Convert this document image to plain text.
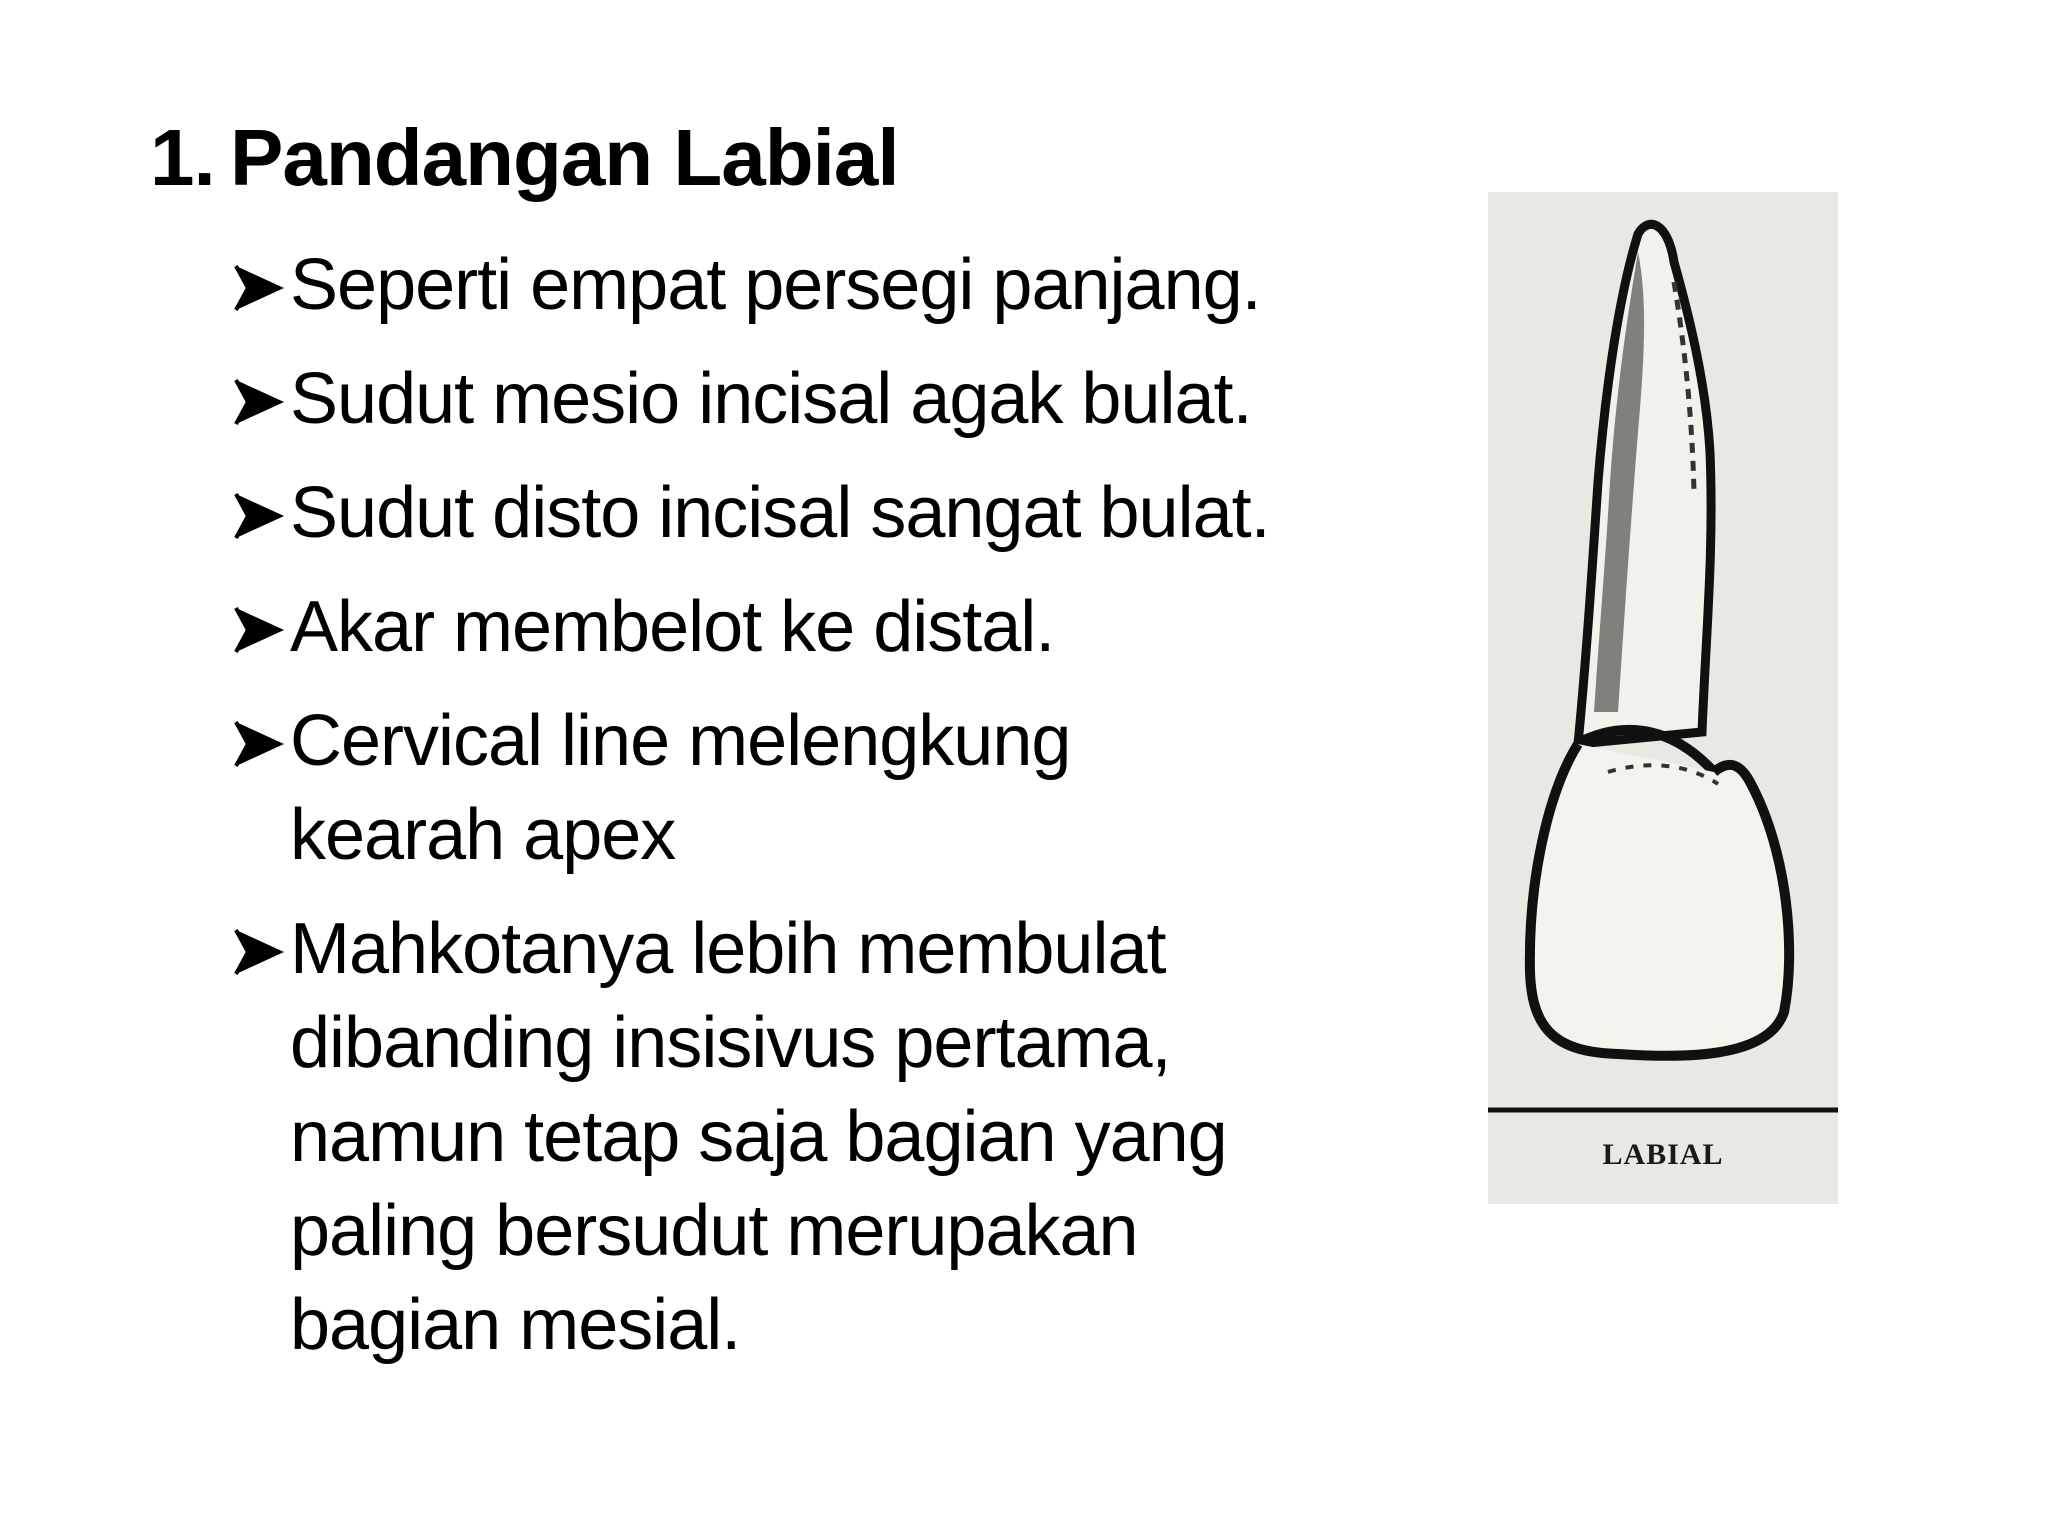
1. Pandangan Labial
Seperti empat persegi panjang.
Sudut mesio incisal agak bulat.
Sudut disto incisal sangat bulat.
Akar membelot ke distal.
Cervical line melengkung kearah apex
Mahkotanya lebih membulat dibanding insisivus pertama, namun tetap saja bagian yang paling bersudut merupakan bagian mesial.
LABIAL
